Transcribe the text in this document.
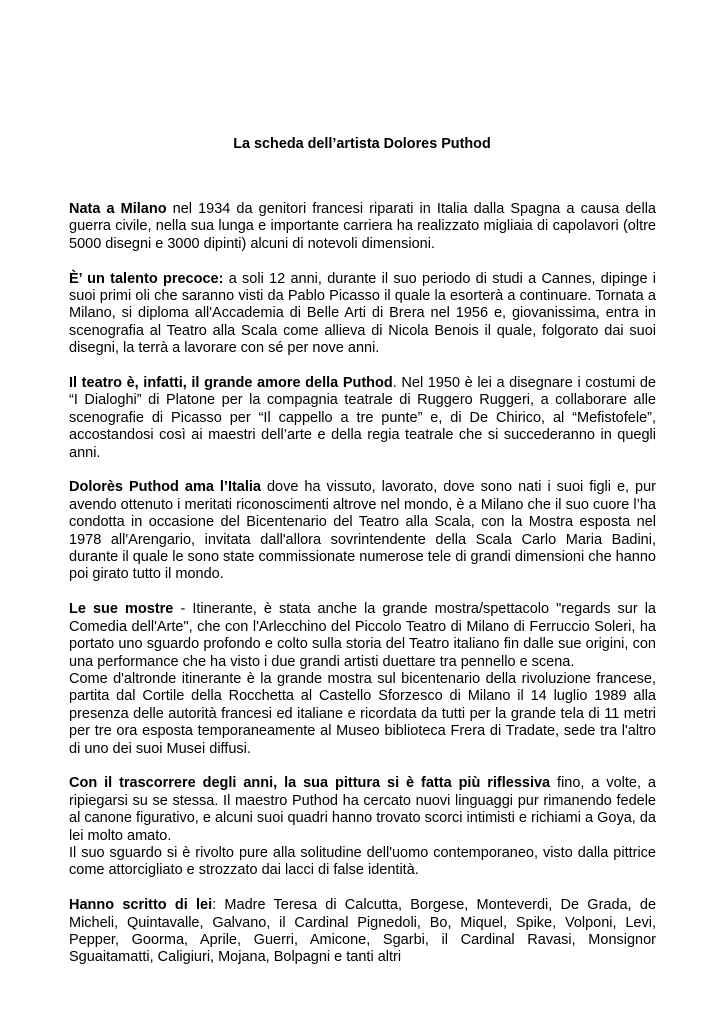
La scheda dell’artista Dolores Puthod

Nata a Milano nel 1934 da genitori francesi riparati in Italia dalla Spagna a causa della guerra civile, nella sua lunga e importante carriera ha realizzato migliaia di capolavori (oltre 5000 disegni e 3000 dipinti) alcuni di notevoli dimensioni.

È’ un talento precoce: a soli 12 anni, durante il suo periodo di studi a Cannes, dipinge i suoi primi oli che saranno visti da Pablo Picasso il quale la esorterà a continuare. Tornata a Milano, si diploma all'Accademia di Belle Arti di Brera nel 1956 e, giovanissima, entra in scenografia al Teatro alla Scala come allieva di Nicola Benois il quale, folgorato dai suoi disegni, la terrà a lavorare con sé per nove anni.

Il teatro è, infatti, il grande amore della Puthod. Nel 1950 è lei a disegnare i costumi de “I Dialoghi” di Platone per la compagnia teatrale di Ruggero Ruggeri, a collaborare alle scenografie di Picasso per “Il cappello a tre punte” e, di De Chirico, al “Mefistofele”, accostandosi così ai maestri dell’arte e della regia teatrale che si succederanno in quegli anni.

Dolorès Puthod ama l’Italia dove ha vissuto, lavorato, dove sono nati i suoi figli e, pur avendo ottenuto i meritati riconoscimenti altrove nel mondo, è a Milano che il suo cuore l’ha condotta in occasione del Bicentenario del Teatro alla Scala, con la Mostra esposta nel 1978 all'Arengario, invitata dall'allora sovrintendente della Scala Carlo Maria Badini, durante il quale le sono state commissionate numerose tele di grandi dimensioni che hanno poi girato tutto il mondo.

Le sue mostre - Itinerante, è stata anche la grande mostra/spettacolo "regards sur la Comedia dell'Arte", che con l'Arlecchino del Piccolo Teatro di Milano di Ferruccio Soleri, ha portato uno sguardo profondo e colto sulla storia del Teatro italiano fin dalle sue origini, con una performance che ha visto i due grandi artisti duettare tra pennello e scena.

Come d'altronde itinerante è la grande mostra sul bicentenario della rivoluzione francese, partita dal Cortile della Rocchetta al Castello Sforzesco di Milano il 14 luglio 1989 alla presenza delle autorità francesi ed italiane e ricordata da tutti per la grande tela di 11 metri per tre ora esposta temporaneamente al Museo biblioteca Frera di Tradate, sede tra l'altro di uno dei suoi Musei diffusi.

Con il trascorrere degli anni, la sua pittura si è fatta più riflessiva fino, a volte, a ripiegarsi su se stessa. Il maestro Puthod ha cercato nuovi linguaggi pur rimanendo fedele al canone figurativo, e alcuni suoi quadri hanno trovato scorci intimisti e richiami a Goya, da lei molto amato.

Il suo sguardo si è rivolto pure alla solitudine dell'uomo contemporaneo, visto dalla pittrice come attorcigliato e strozzato dai lacci di false identità.

Hanno scritto di lei: Madre Teresa di Calcutta, Borgese, Monteverdi, De Grada, de Micheli, Quintavalle, Galvano, il Cardinal Pignedoli, Bo, Miquel, Spike, Volponi, Levi, Pepper, Goorma, Aprile, Guerri, Amicone, Sgarbi, il Cardinal Ravasi, Monsignor Sguaitamatti, Caligiuri, Mojana, Bolpagni e tanti altri
